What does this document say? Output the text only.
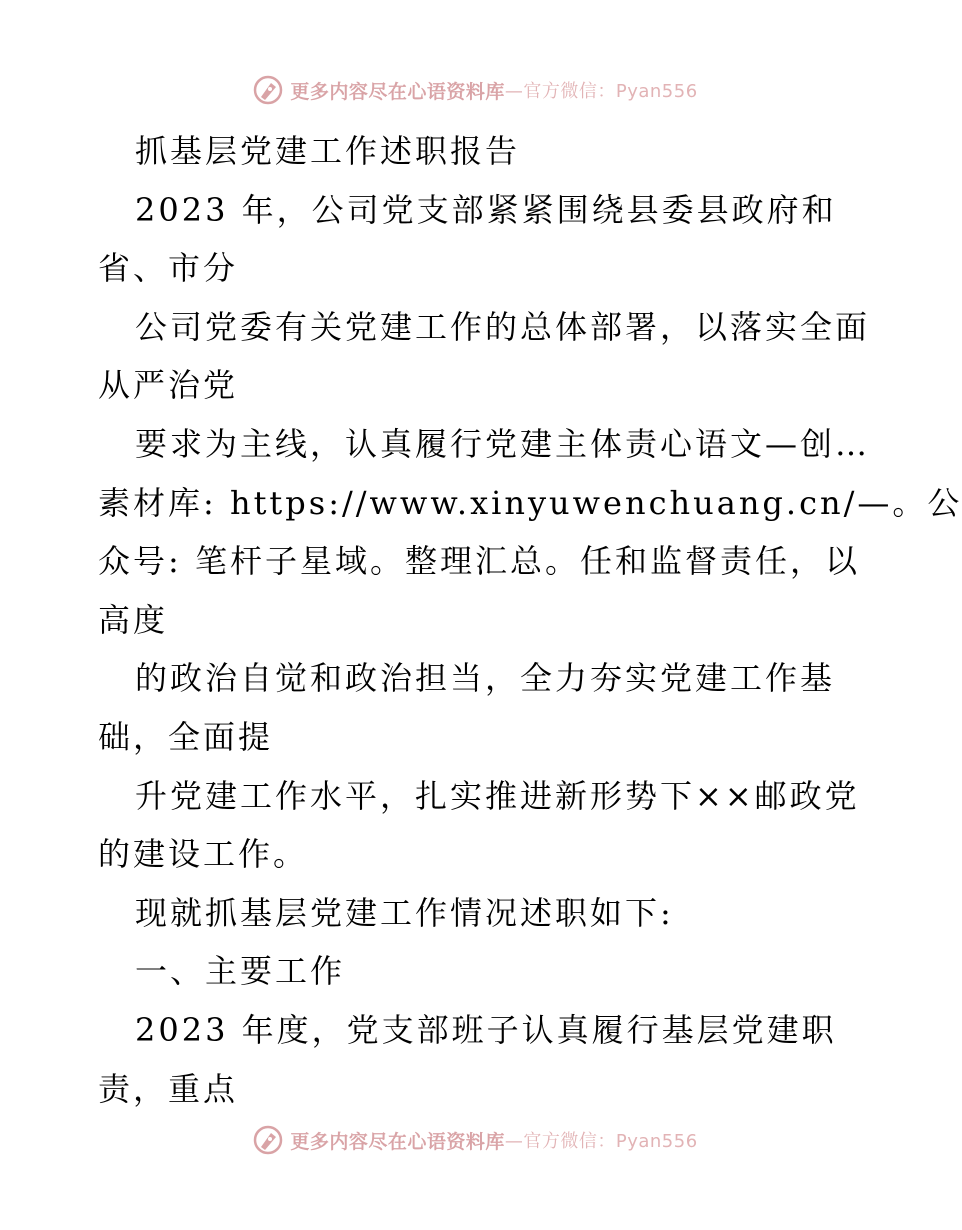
更多内容尽在心语资料库 —官方微信：Pyan556
抓基层党建工作述职报告
2023 年，公司党支部紧紧围绕县委县政府和
省、市分
公司党委有关党建工作的总体部署，以落实全面
从严治党
要求为主线，认真履行党建主体责心语文—创…
素材库: https://www.xinyuwenchuang.cn/—。公
众号: 笔杆子星域。整理汇总。任和监督责任，以
高度
的政治自觉和政治担当，全力夯实党建工作基
础，全面提
升党建工作水平，扎实推进新形势下××邮政党
的建设工作。
现就抓基层党建工作情况述职如下:
一、主要工作
2023 年度，党支部班子认真履行基层党建职
责，重点
更多内容尽在心语资料库 —官方微信：Pyan556
